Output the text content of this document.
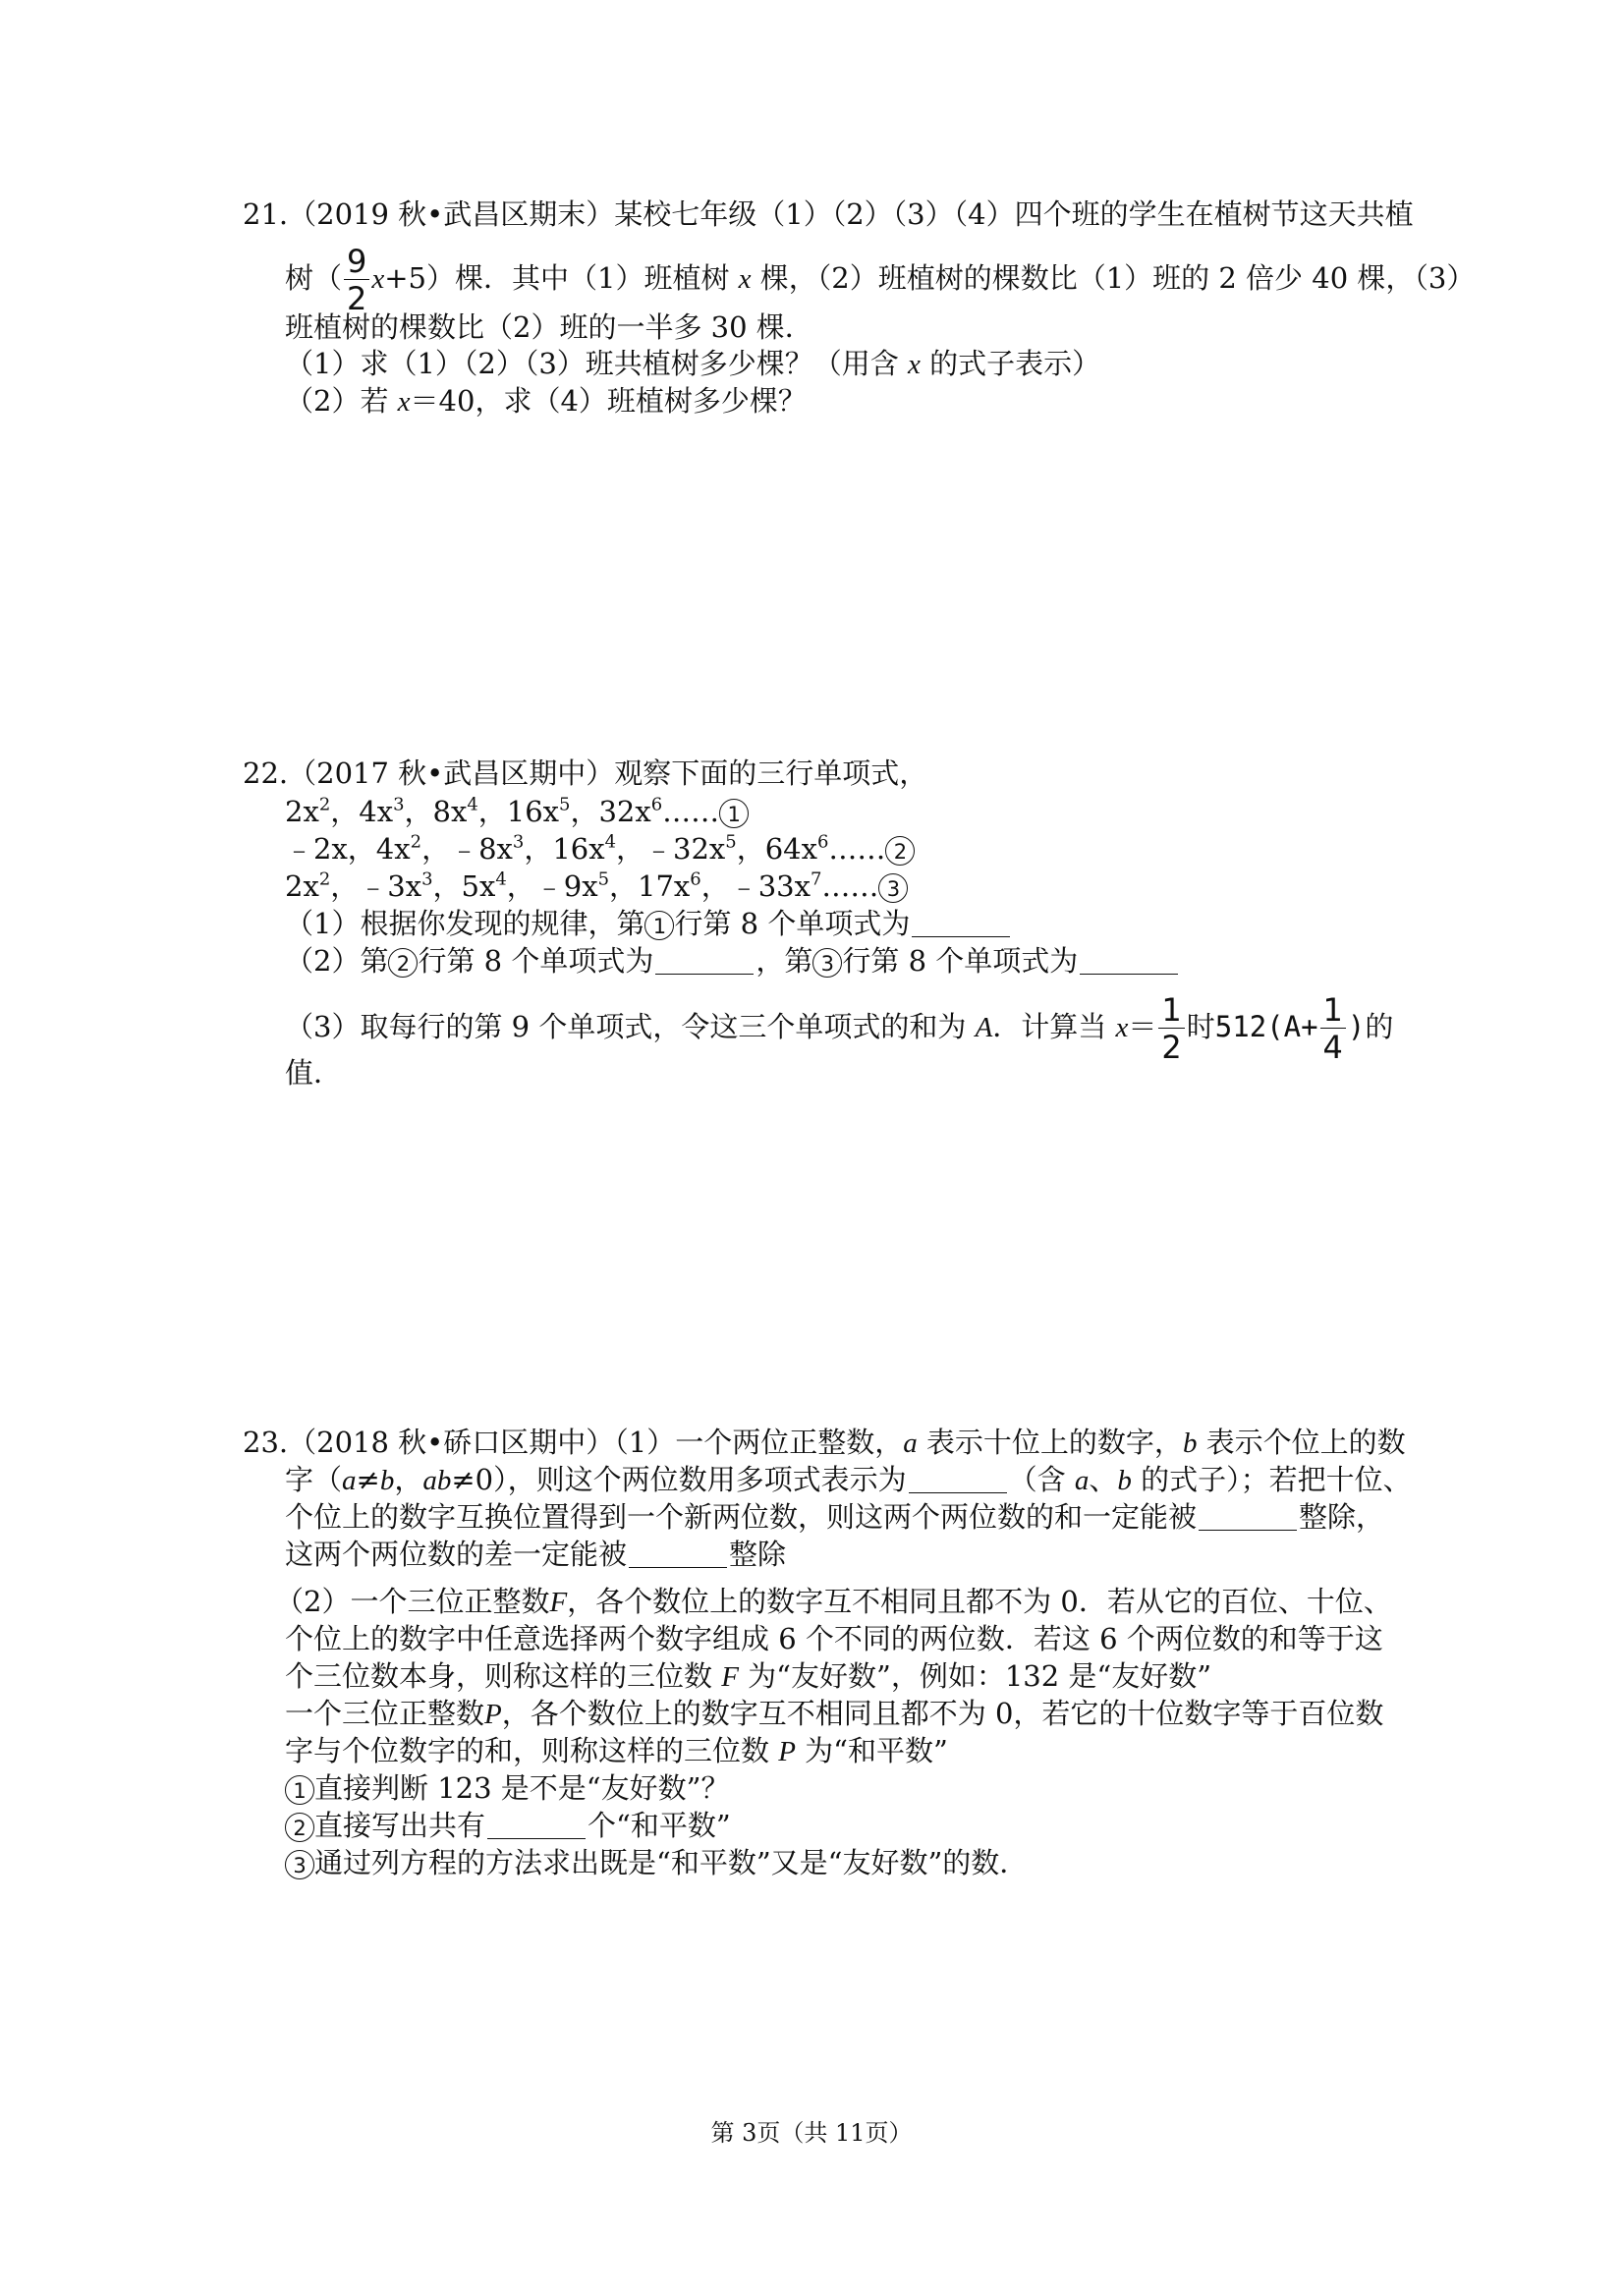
21.（2019 秋•武昌区期末）某校七年级（1）（2）（3）（4）四个班的学生在植树节这天共植
树（ $\frac{9}{2} x+5$）棵．其中（1）班植树 x 棵，（2）班植树的棵数比（1）班的 2 倍少 40 棵，（3）
班植树的棵数比（2）班的一半多 30 棵．
（1）求（1）（2）（3）班共植树多少棵？（用含 x 的式子表示）
（2）若 x＝40，求（4）班植树多少棵？
22.（2017 秋•武昌区期中）观察下面的三行单项式，
$2x^2$，$4x^3$，$8x^4$，$16x^5$，$32x^6\dots\dots$ 1
﹣2x，$4x^2$，$﹣8x^3$，$16x^4$，$﹣32x^5$，$64x^6\dots\dots$ 2
$2x^2$，$﹣3x^3$，$5x^4$，$﹣9x^5$，$17x^6$，$﹣33x^7\dots\dots$ 3
（1）根据你发现的规律，第 1 行第 8 个单项式为
（2）第 2 行第 8 个单项式为	，第 3 行第 8 个单项式为
（3）取每行的第 9 个单项式，令这三个单项式的和为 A．计算当 $x= \frac{1}{2}$ 时$512(A+ \frac{1}{4}$ )的
值．
23.（2018 秋•硚口区期中）（1）一个两位正整数，a 表示十位上的数字，b 表示个位上的数
字（a≠b，ab≠0），则这个两位数用多项式表示为	（含 a、b 的式子）；若把十位、
个位上的数字互换位置得到一个新两位数，则这两个两位数的和一定能被	整除，
这两个两位数的差一定能被	整除
（2）一个三位正整数F，各个数位上的数字互不相同且都不为 0．若从它的百位、十位、
个位上的数字中任意选择两个数字组成 6 个不同的两位数．若这 6 个两位数的和等于这
个三位数本身，则称这样的三位数 F 为“友好数”，例如：132 是“友好数”
一个三位正整数P，各个数位上的数字互不相同且都不为 0，若它的十位数字等于百位数
字与个位数字的和，则称这样的三位数 P 为“和平数”
1 直接判断 123 是不是“友好数”？
2 直接写出共有	个“和平数”
3 通过列方程的方法求出既是“和平数”又是“友好数”的数．
第 3页（共 11页）
